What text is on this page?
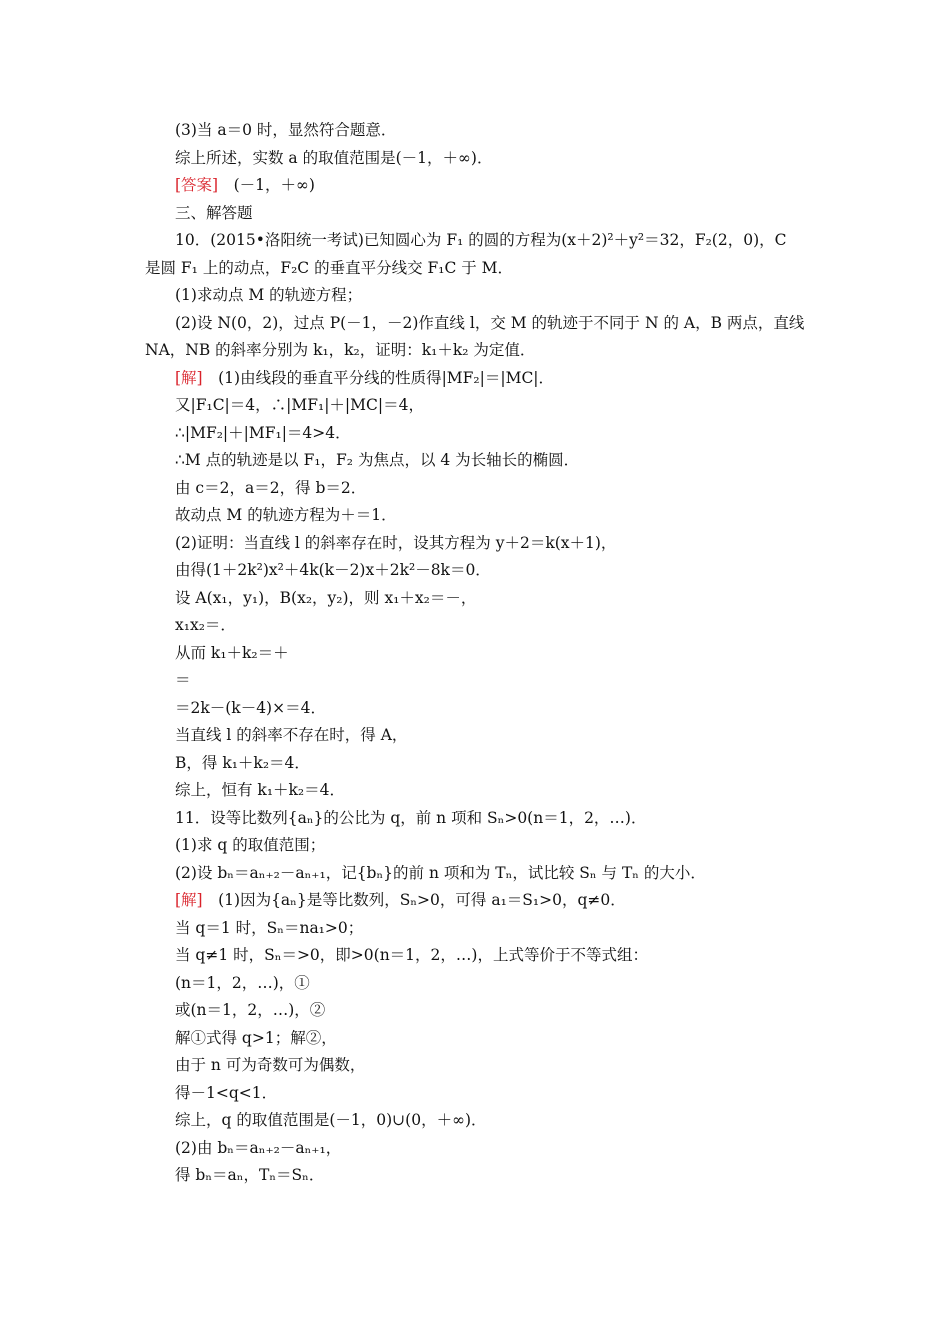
(3)当 a＝0 时，显然符合题意．
综上所述，实数 a 的取值范围是(－1，＋∞)．
[答案]　(－1，＋∞)
三、解答题
10．(2015•洛阳统一考试)已知圆心为 F₁ 的圆的方程为(x＋2)²＋y²＝32，F₂(2，0)，C
是圆 F₁ 上的动点，F₂C 的垂直平分线交 F₁C 于 M．
(1)求动点 M 的轨迹方程；
(2)设 N(0，2)，过点 P(－1，－2)作直线 l，交 M 的轨迹于不同于 N 的 A，B 两点，直线
NA，NB 的斜率分别为 k₁，k₂，证明：k₁＋k₂ 为定值．
[解]　(1)由线段的垂直平分线的性质得|MF₂|＝|MC|．
又|F₁C|＝4，∴|MF₁|＋|MC|＝4，
∴|MF₂|＋|MF₁|＝4>4．
∴M 点的轨迹是以 F₁，F₂ 为焦点，以 4 为长轴长的椭圆．
由 c＝2，a＝2，得 b＝2．
故动点 M 的轨迹方程为＋＝1．
(2)证明：当直线 l 的斜率存在时，设其方程为 y＋2＝k(x＋1)，
由得(1＋2k²)x²＋4k(k－2)x＋2k²－8k＝0．
设 A(x₁，y₁)，B(x₂，y₂)，则 x₁＋x₂＝－，
x₁x₂＝．
从而 k₁＋k₂＝＋
＝
＝2k－(k－4)×＝4．
当直线 l 的斜率不存在时，得 A，
B，得 k₁＋k₂＝4．
综上，恒有 k₁＋k₂＝4．
11．设等比数列{aₙ}的公比为 q，前 n 项和 Sₙ>0(n＝1，2，…)．
(1)求 q 的取值范围；
(2)设 bₙ＝aₙ₊₂－aₙ₊₁，记{bₙ}的前 n 项和为 Tₙ，试比较 Sₙ 与 Tₙ 的大小．
[解]　(1)因为{aₙ}是等比数列，Sₙ>0，可得 a₁＝S₁>0，q≠0．
当 q＝1 时，Sₙ＝na₁>0；
当 q≠1 时，Sₙ＝>0，即>0(n＝1，2，…)，上式等价于不等式组：
(n＝1，2，…)，①
或(n＝1，2，…)，②
解①式得 q>1；解②，
由于 n 可为奇数可为偶数，
得－1<q<1．
综上，q 的取值范围是(－1，0)∪(0，＋∞)．
(2)由 bₙ＝aₙ₊₂－aₙ₊₁，
得 bₙ＝aₙ，Tₙ＝Sₙ．
